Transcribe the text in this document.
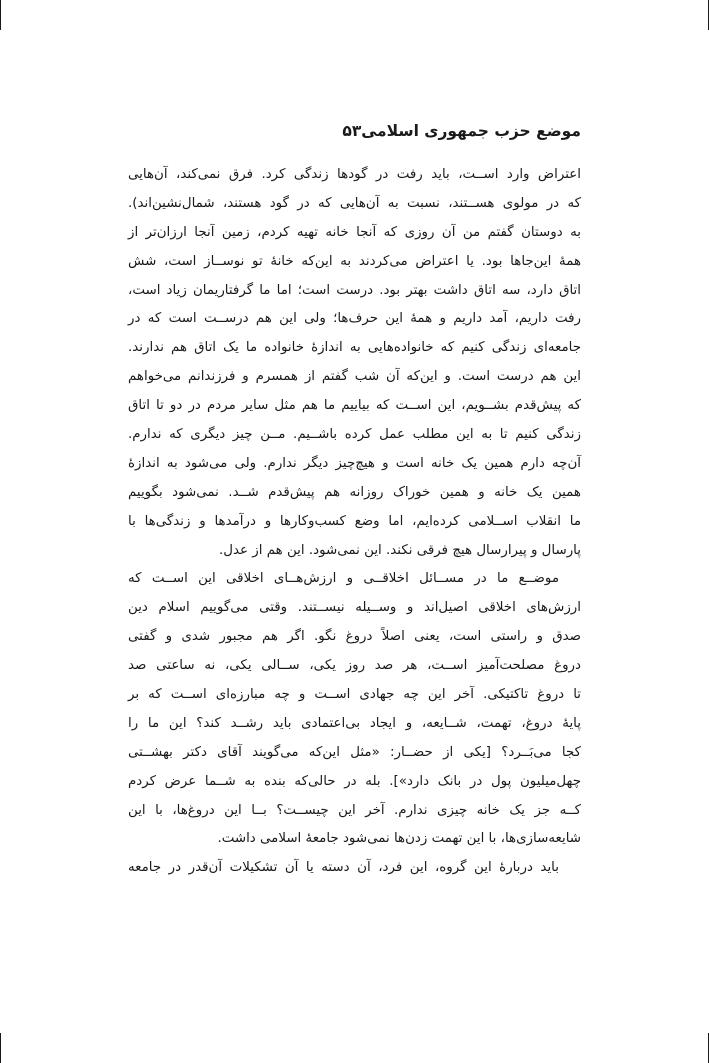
موضع حزب جمهوری اسلامی
۵۳
اعتراض وارد اســت، باید رفت در گودها زندگی کرد. فرق نمی‌کند، آن‌هایی
که در مولوی هســتند، نسبت به آن‌هایی که در گود هستند، شمال‌نشین‌اند).
به دوستان گفتم من آن روزی که آنجا خانه تهیه کردم، زمین آنجا ارزان‌تر از
همهٔ این‌جاها بود. یا اعتراض می‌کردند به این‌که خانهٔ تو نوســاز است، شش
اتاق دارد، سه اتاق داشت بهتر بود. درست است؛ اما ما گرفتاریمان زیاد است،
رفت داریم، آمد داریم و همهٔ این حرف‌ها؛ ولی این هم درســت است که در
جامعه‌ای زندگی کنیم که خانواده‌هایی به اندازهٔ خانواده ما یک اتاق هم ندارند.
این هم درست است. و این‌که آن شب گفتم از همسرم و فرزندانم می‌خواهم
که پیش‌قدم بشــویم، این اســت که بیاییم ما هم مثل سایر مردم در دو تا اتاق
زندگی کنیم تا به این مطلب عمل کرده باشــیم. مــن چیز دیگری که ندارم.
آن‌چه دارم همین یک خانه است و هیچ‌چیز دیگر ندارم. ولی می‌شود به اندازهٔ
همین یک خانه و همین خوراک روزانه هم پیش‌قدم شــد. نمی‌شود بگوییم
ما انقلاب اســلامی کرده‌ایم، اما وضع کسب‌وکارها و درآمدها و زندگی‌ها با
پارسال و پیرارسال هیچ فرقی نکند. این نمی‌شود. این هم از عدل.
موضــع ما در مســائل اخلاقــی و ارزش‌هــای اخلاقی این اســت که
ارزش‌های اخلاقی اصیل‌اند و وســیله نیســتند. وقتی می‌گوییم اسلام دین
صدق و راستی است، یعنی اصلاً دروغ نگو. اگر هم مجبور شدی و گفتی
دروغ مصلحت‌آمیز اســت، هر صد روز یکی، ســالی یکی، نه ساعتی صد
تا دروغ تاکتیکی. آخر این چه جهادی اســت و چه مبارزه‌ای اســت که بر
پایهٔ دروغ، تهمت، شــایعه، و ایجاد بی‌اعتمادی باید رشــد کند؟ این ما را
کجا می‌بَــرد؟ [یکی از حضــار: «مثل این‌که می‌گویند آقای دکتر بهشــتی
چهل‌میلیون پول در بانک دارد»]. بله در حالی‌که بنده به شــما عرض کردم
کــه جز یک خانه چیزی ندارم. آخر این چیســت؟ بــا این دروغ‌ها، با این
شایعه‌سازی‌ها، با این تهمت زدن‌ها نمی‌شود جامعهٔ اسلامی داشت.
باید دربارهٔ این گروه، این فرد، آن دسته یا آن تشکیلات آن‌قدر در جامعه
